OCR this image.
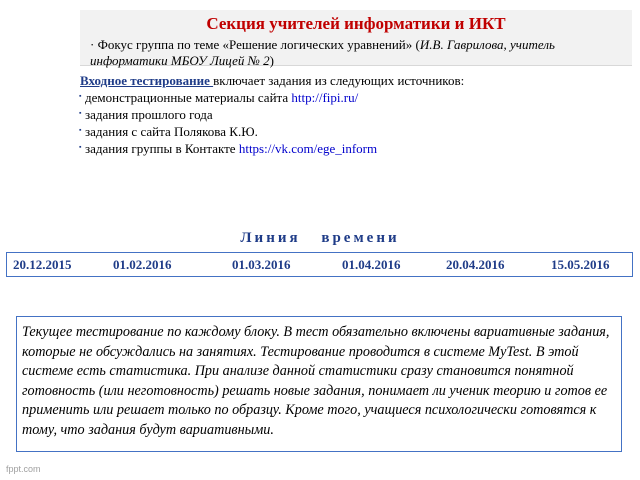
Секция учителей информатики и ИКТ
· Фокус группа по теме «Решение логических уравнений» (И.В. Гаврилова, учитель информатики МБОУ Лицей № 2)
Входное тестирование включает задания из следующих источников:
▪ демонстрационные материалы сайта http://fipi.ru/
▪ задания прошлого года
▪ задания с сайта Полякова К.Ю.
▪ задания группы в Контакте https://vk.com/ege_inform
Линия времени
20.12.2015	01.02.2016	01.03.2016	01.04.2016	20.04.2016	15.05.2016
Текущее тестирование по каждому блоку. В тест обязательно включены вариативные задания, которые не обсуждались на занятиях. Тестирование проводится в системе MyTest. В этой системе есть статистика. При анализе данной статистики сразу становится понятной готовность (или неготовность) решать новые задания, понимает ли ученик теорию и готов ее применить или решает только по образцу. Кроме того, учащиеся психологически готовятся к тому, что задания будут вариативными.
fppt.com
